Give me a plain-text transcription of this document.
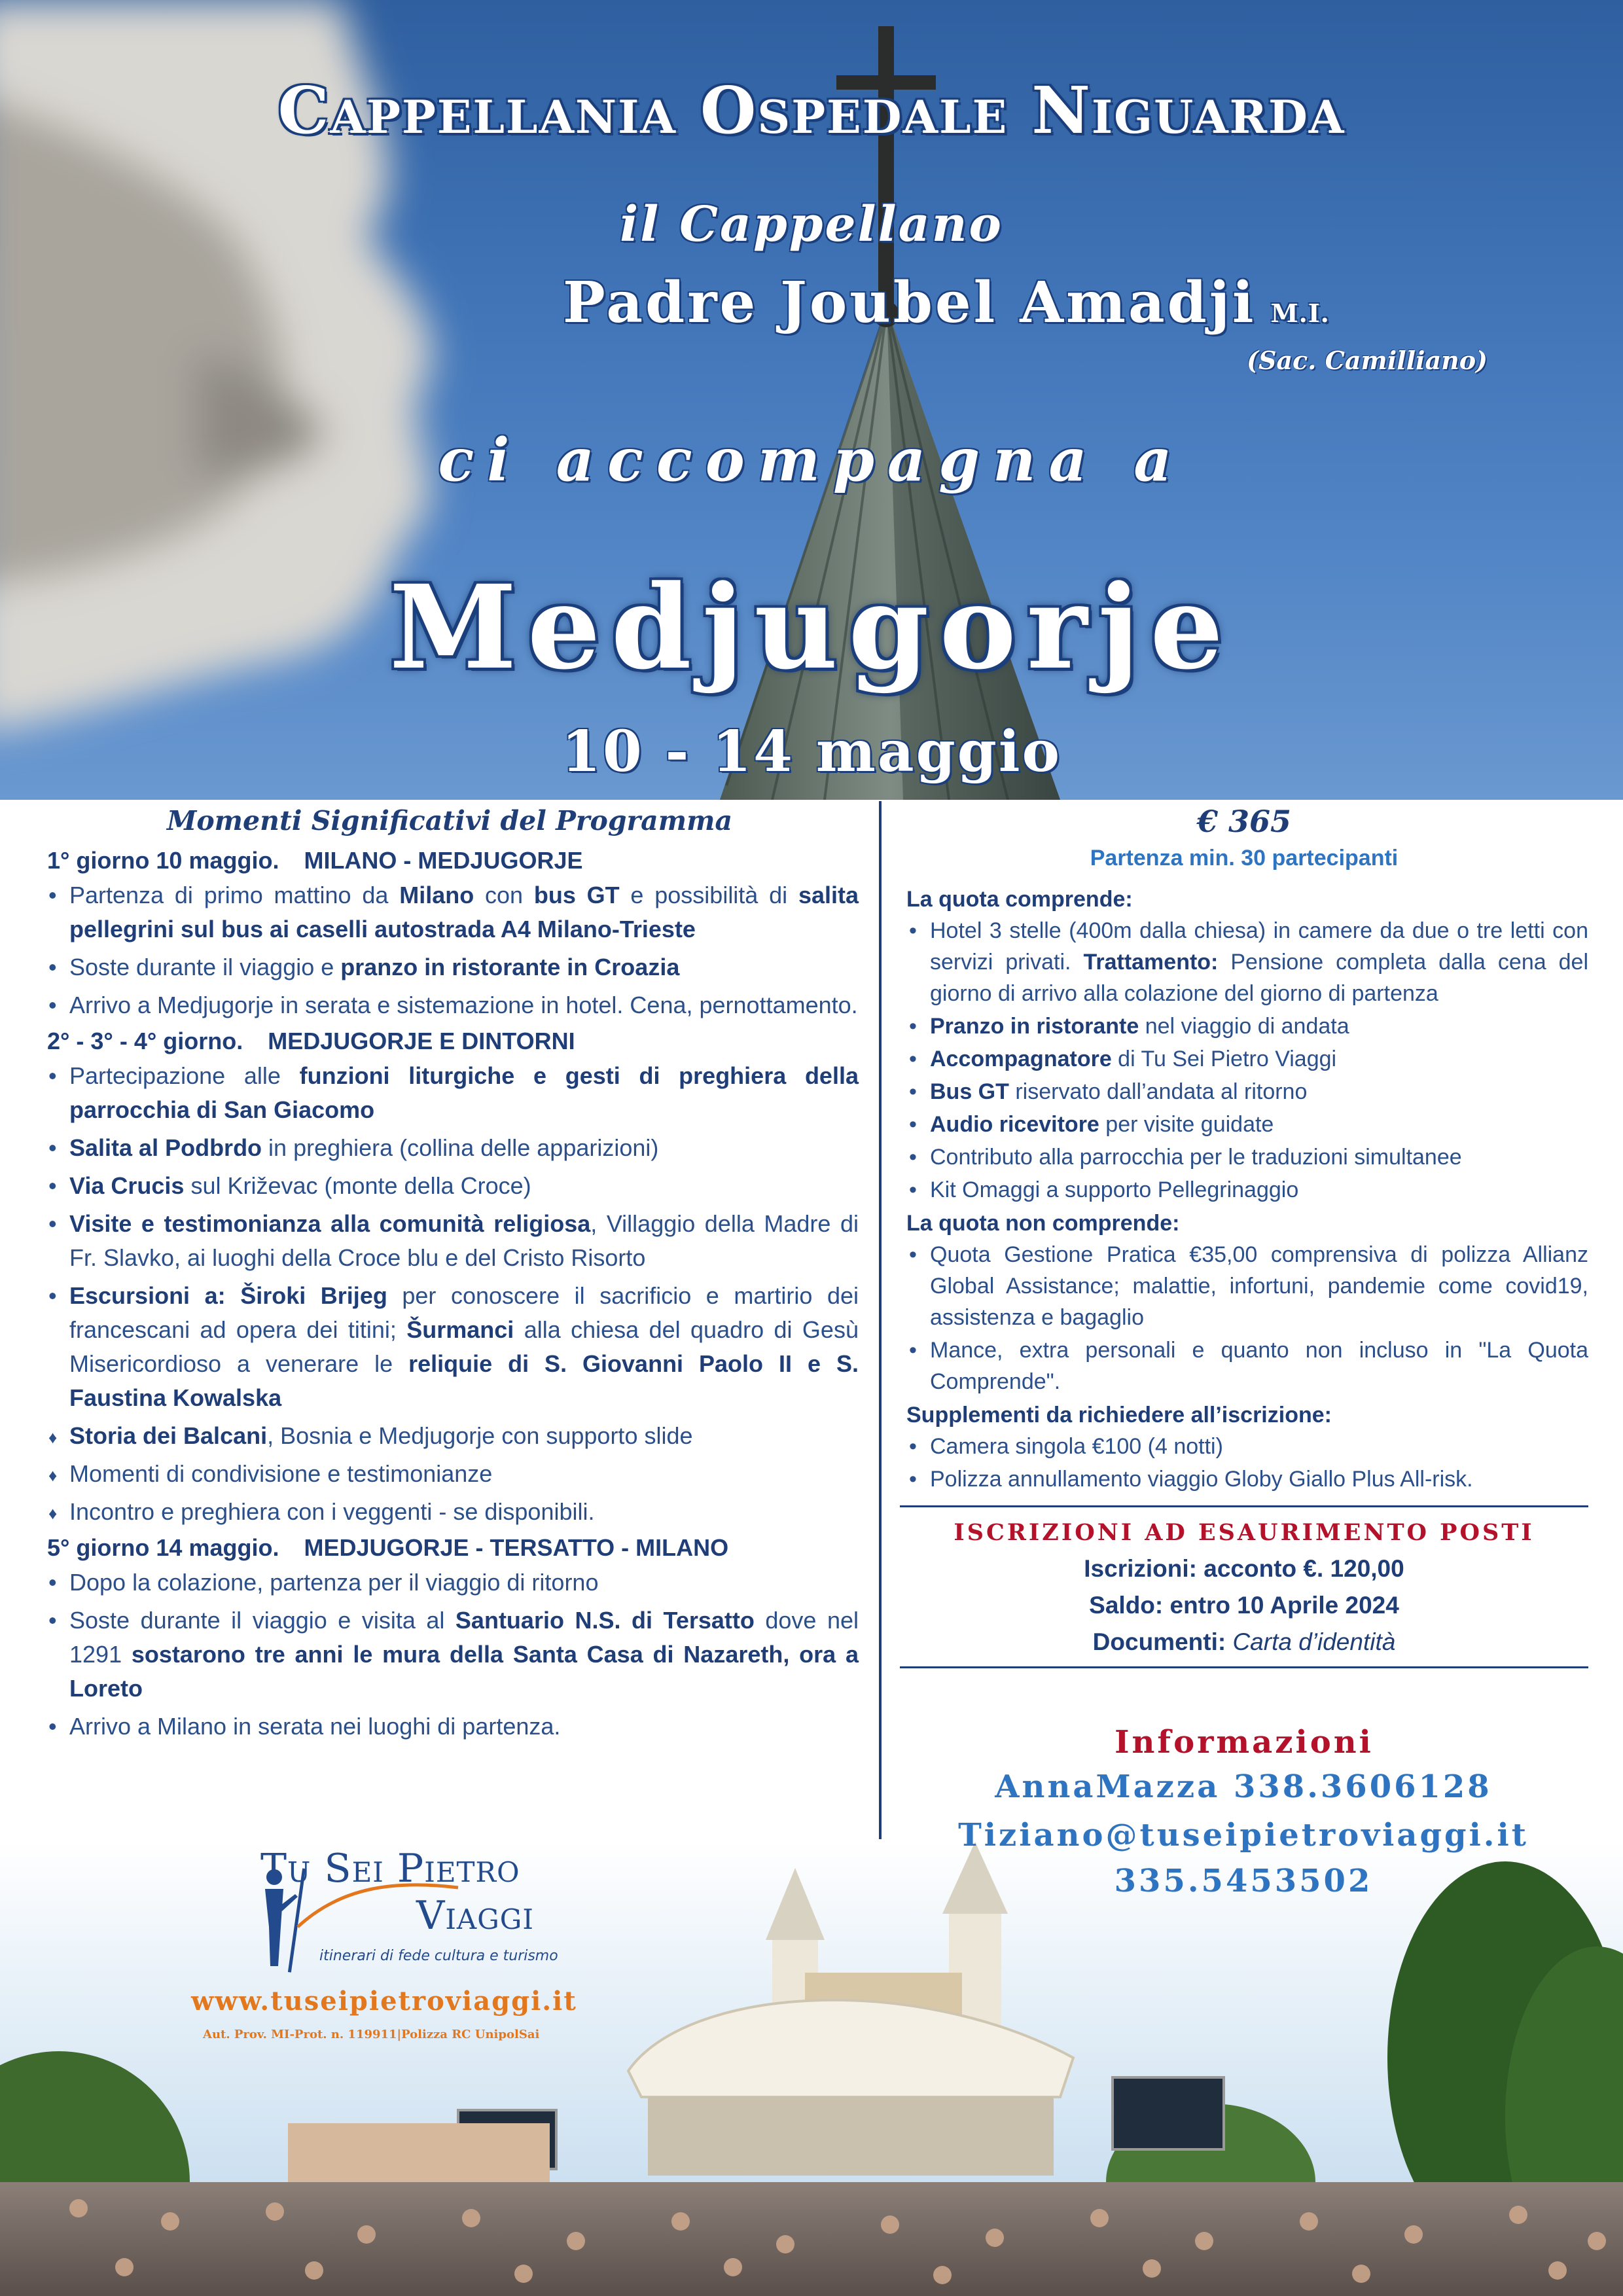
Cappellania Ospedale Niguarda
il Cappellano
Padre Joubel Amadji M.I.
(Sac. Camilliano)
ci accompagna a
Medjugorje
10 - 14 maggio
Momenti Significativi del Programma
1° giorno 10 maggio. MILANO - MEDJUGORJE
• Partenza di primo mattino da Milano con bus GT e possibilità di salita pellegrini sul bus ai caselli autostrada A4 Milano-Trieste
• Soste durante il viaggio e pranzo in ristorante in Croazia
• Arrivo a Medjugorje in serata e sistemazione in hotel. Cena, pernottamento.
2° - 3° - 4° giorno. MEDJUGORJE E DINTORNI
• Partecipazione alle funzioni liturgiche e gesti di preghiera della parrocchia di San Giacomo
• Salita al Podbrdo in preghiera (collina delle apparizioni)
• Via Crucis sul Križevac (monte della Croce)
• Visite e testimonianza alla comunità religiosa, Villaggio della Madre di Fr. Slavko, ai luoghi della Croce blu e del Cristo Risorto
• Escursioni a: Široki Brijeg per conoscere il sacrificio e martirio dei francescani ad opera dei titini; Šurmanci alla chiesa del quadro di Gesù Misericordioso a venerare le reliquie di S. Giovanni Paolo II e S. Faustina Kowalska
♦ Storia dei Balcani, Bosnia e Medjugorje con supporto slide
♦ Momenti di condivisione e testimonianze
♦ Incontro e preghiera con i veggenti - se disponibili.
5° giorno 14 maggio. MEDJUGORJE - TERSATTO - MILANO
• Dopo la colazione, partenza per il viaggio di ritorno
• Soste durante il viaggio e visita al Santuario N.S. di Tersatto dove nel 1291 sostarono tre anni le mura della Santa Casa di Nazareth, ora a Loreto
• Arrivo a Milano in serata nei luoghi di partenza.
€ 365
Partenza min. 30 partecipanti
La quota comprende:
• Hotel 3 stelle (400m dalla chiesa) in camere da due o tre letti con servizi privati. Trattamento: Pensione completa dalla cena del giorno di arrivo alla colazione del giorno di partenza
• Pranzo in ristorante nel viaggio di andata
• Accompagnatore di Tu Sei Pietro Viaggi
• Bus GT riservato dall’andata al ritorno
• Audio ricevitore per visite guidate
• Contributo alla parrocchia per le traduzioni simultanee
• Kit Omaggi a supporto Pellegrinaggio
La quota non comprende:
• Quota Gestione Pratica €35,00 comprensiva di polizza Allianz Global Assistance; malattie, infortuni, pandemie come covid19, assistenza e bagaglio
• Mance, extra personali e quanto non incluso in "La Quota Comprende".
Supplementi da richiedere all’iscrizione:
• Camera singola €100 (4 notti)
• Polizza annullamento viaggio Globy Giallo Plus All-risk.
ISCRIZIONI AD ESAURIMENTO POSTI
Iscrizioni: acconto €. 120,00
Saldo: entro 10 Aprile 2024
Documenti: Carta d’identità
Tu Sei Pietro
Viaggi
itinerari di fede cultura e turismo
www.tuseipietroviaggi.it
Aut. Prov. MI-Prot. n. 119911|Polizza RC UnipolSai
Informazioni
AnnaMazza 338.3606128
Tiziano@tuseipietroviaggi.it
335.5453502
